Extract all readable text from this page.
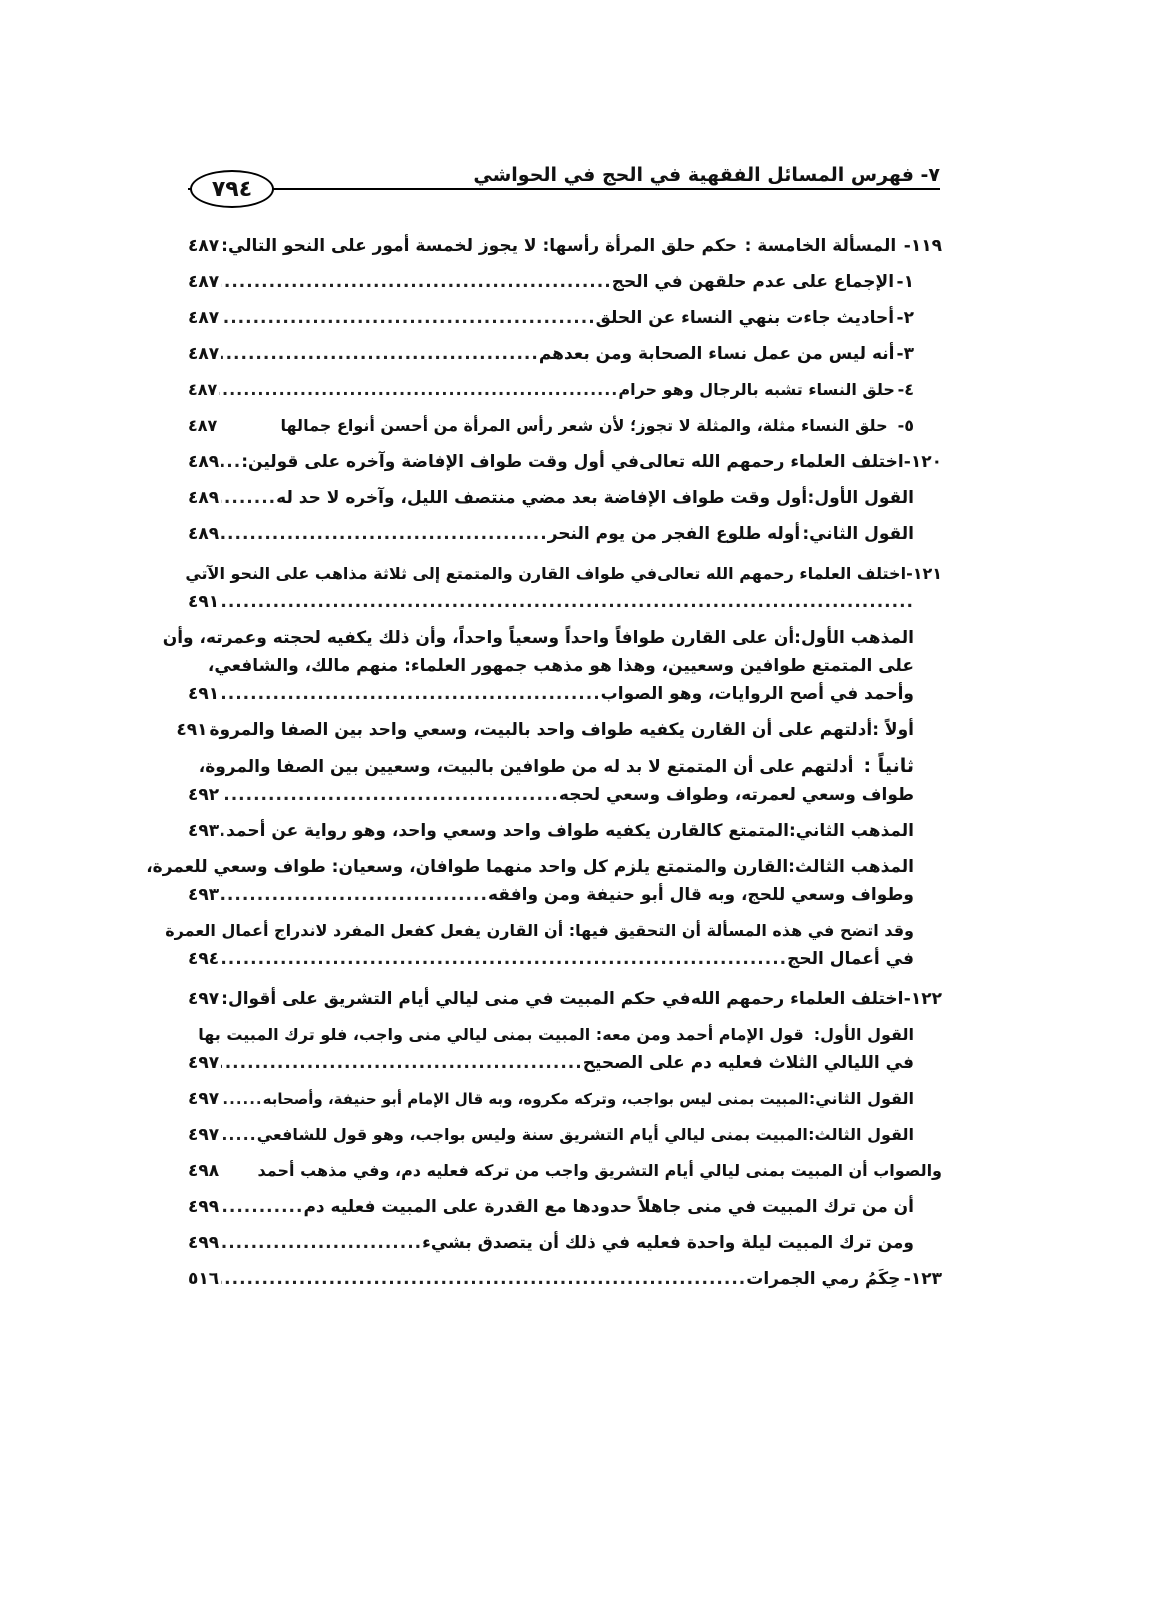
٧- فهرس المسائل الفقهية في الحج في الحواشي
٧٩٤
١١٩-
المسألة الخامسة :
حكم حلق المرأة رأسها: لا يجوز لخمسة أمور على النحو التالي:
٤٨٧
١-
الإجماع على عدم حلقهن في الحج
.....
٤٨٧
٢-
أحاديث جاءت بنهي النساء عن الحلق
.....
٤٨٧
٣-
أنه ليس من عمل نساء الصحابة ومن بعدهم
.....
٤٨٧
٤-
حلق النساء تشبه بالرجال وهو حرام
.....
٤٨٧
٥-
حلق النساء مثلة، والمثلة لا تجوز؛ لأن شعر رأس المرأة من أحسن أنواع جمالها
٤٨٧
١٢٠-
اختلف العلماء رحمهم الله تعالى
في أول وقت طواف الإفاضة وآخره على قولين:
.....
٤٨٩
القول الأول:
أول وقت طواف الإفاضة بعد مضي منتصف الليل، وآخره لا حد له
.....
٤٨٩
القول الثاني:
أوله طلوع الفجر من يوم النحر
.....
٤٨٩
١٢١-
اختلف العلماء رحمهم الله تعالى
في طواف القارن والمتمتع إلى ثلاثة مذاهب على النحو الآتي
.....
٤٩١
المذهب الأول:
أن على القارن طوافاً واحداً وسعياً واحداً، وأن ذلك يكفيه لحجته وعمرته، وأن
على المتمتع طوافين وسعيين، وهذا هو مذهب جمهور العلماء: منهم مالك، والشافعي،
وأحمد في أصح الروايات، وهو الصواب
.....
٤٩١
أولاً :
أدلتهم على أن القارن يكفيه طواف واحد بالبيت، وسعي واحد بين الصفا والمروة
٤٩١
ثانياً :
أدلتهم على أن المتمتع لا بد له من طوافين بالبيت، وسعيين بين الصفا والمروة،
طواف وسعي لعمرته، وطواف وسعي لحجه
.....
٤٩٢
المذهب الثاني:
المتمتع كالقارن يكفيه طواف واحد وسعي واحد، وهو رواية عن أحمد
.....
٤٩٣
المذهب الثالث:
القارن والمتمتع يلزم كل واحد منهما طوافان، وسعيان: طواف وسعي للعمرة،
وطواف وسعي للحج، وبه قال أبو حنيفة ومن وافقه
.....
٤٩٣
وقد اتضح في هذه المسألة أن التحقيق فيها: أن القارن يفعل كفعل المفرد لاندراج أعمال العمرة
في أعمال الحج
.....
٤٩٤
١٢٢-
اختلف العلماء رحمهم الله
في حكم المبيت في منى ليالي أيام التشريق على أقوال:
٤٩٧
القول الأول:
قول الإمام أحمد ومن معه: المبيت بمنى ليالي منى واجب، فلو ترك المبيت بها
في الليالي الثلاث فعليه دم على الصحيح
.....
٤٩٧
القول الثاني:
المبيت بمنى ليس بواجب، وتركه مكروه، وبه قال الإمام أبو حنيفة، وأصحابه
.....
٤٩٧
القول الثالث:
المبيت بمنى ليالي أيام التشريق سنة وليس بواجب، وهو قول للشافعي
.....
٤٩٧
والصواب أن المبيت بمنى ليالي أيام التشريق واجب من تركه فعليه دم، وفي مذهب أحمد
٤٩٨
أن من ترك المبيت في منى جاهلاً حدودها مع القدرة على المبيت فعليه دم
.....
٤٩٩
ومن ترك المبيت ليلة واحدة فعليه في ذلك أن يتصدق بشيء
.....
٤٩٩
١٢٣-
حِكَمُ رمي الجمرات
.....
٥١٦
